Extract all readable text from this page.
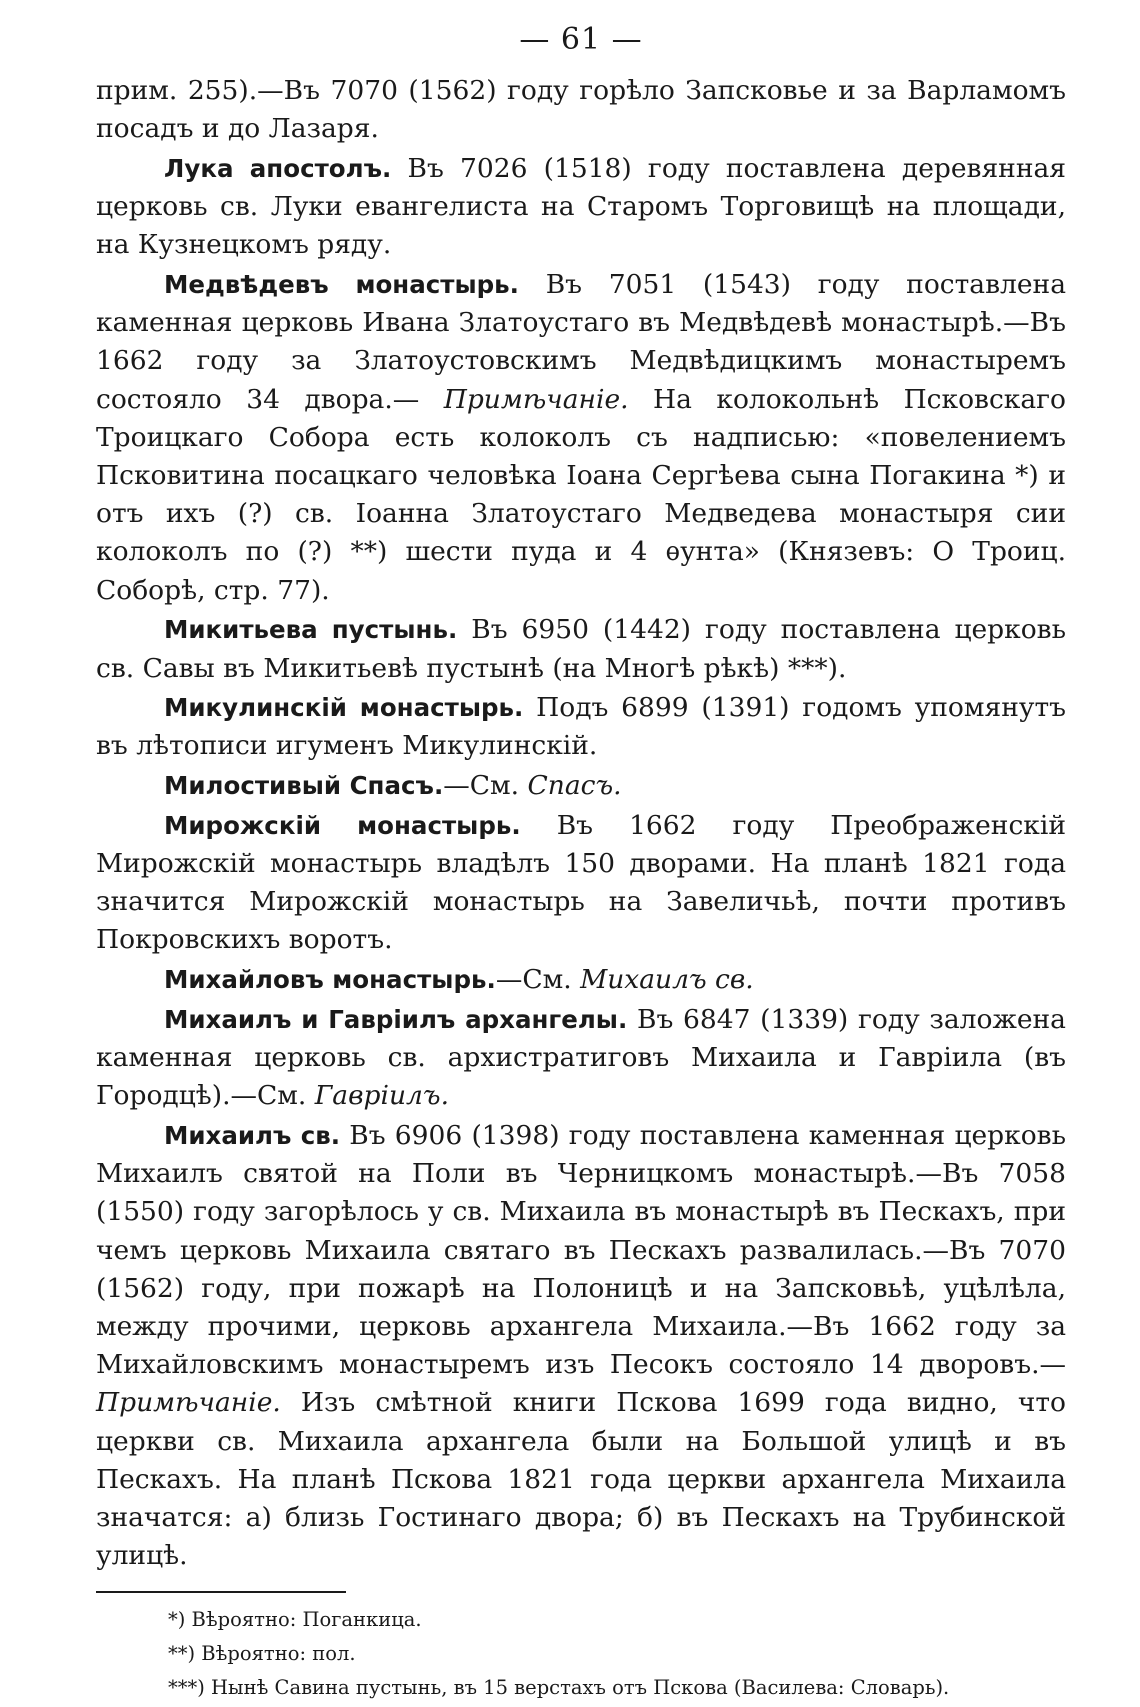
— 61 —

прим. 255).—Въ 7070 (1562) году горѣло Запсковье и за Варламомъ посадъ и до Лазаря.

Лука апостолъ. Въ 7026 (1518) году поставлена деревянная церковь св. Луки евангелиста на Старомъ Торговищѣ на площади, на Кузнецкомъ ряду.

Медвѣдевъ монастырь. Въ 7051 (1543) году поставлена каменная церковь Ивана Златоустаго въ Медвѣдевѣ монастырѣ.—Въ 1662 году за Златоустовскимъ Медвѣдицкимъ монастыремъ состояло 34 двора.— Примѣчаніе. На колокольнѣ Псковскаго Троицкаго Собора есть колоколъ съ надписью: «повелениемъ Псковитина посацкаго человѣка Іоана Сергѣева сына Погакина *) и отъ ихъ (?) св. Іоанна Златоустаго Медведева монастыря сии колоколъ по (?) **) шести пуда и 4 ѳунта» (Князевъ: О Троиц. Соборѣ, стр. 77).

Микитьева пустынь. Въ 6950 (1442) году поставлена церковь св. Савы въ Микитьевѣ пустынѣ (на Многѣ рѣкѣ) ***).

Микулинскій монастырь. Подъ 6899 (1391) годомъ упомянутъ въ лѣтописи игуменъ Микулинскій.

Милостивый Спасъ.—См. Спасъ.

Мирожскій монастырь. Въ 1662 году Преображенскій Мирожскій монастырь владѣлъ 150 дворами. На планѣ 1821 года значится Мирожскій монастырь на Завеличьѣ, почти противъ Покровскихъ воротъ.

Михайловъ монастырь.—См. Михаилъ св.

Михаилъ и Гавріилъ архангелы. Въ 6847 (1339) году заложена каменная церковь св. архистратиговъ Михаила и Гавріила (въ Городцѣ).—См. Гавріилъ.

Михаилъ св. Въ 6906 (1398) году поставлена каменная церковь Михаилъ святой на Поли въ Черницкомъ монастырѣ.—Въ 7058 (1550) году загорѣлось у св. Михаила въ монастырѣ въ Пескахъ, при чемъ церковь Михаила святаго въ Пескахъ развалилась.—Въ 7070 (1562) году, при пожарѣ на Полоницѣ и на Запсковьѣ, уцѣлѣла, между прочими, церковь архангела Михаила.—Въ 1662 году за Михайловскимъ монастыремъ изъ Песокъ состояло 14 дворовъ.—Примѣчаніе. Изъ смѣтной книги Пскова 1699 года видно, что церкви св. Михаила архангела были на Большой улицѣ и въ Пескахъ. На планѣ Пскова 1821 года церкви архангела Михаила значатся: а) близь Гостинаго двора; б) въ Пескахъ на Трубинской улицѣ.

*) Вѣроятно: Поганкица.

**) Вѣроятно: пол.

***) Нынѣ Савина пустынь, въ 15 верстахъ отъ Пскова (Василева: Словарь).
